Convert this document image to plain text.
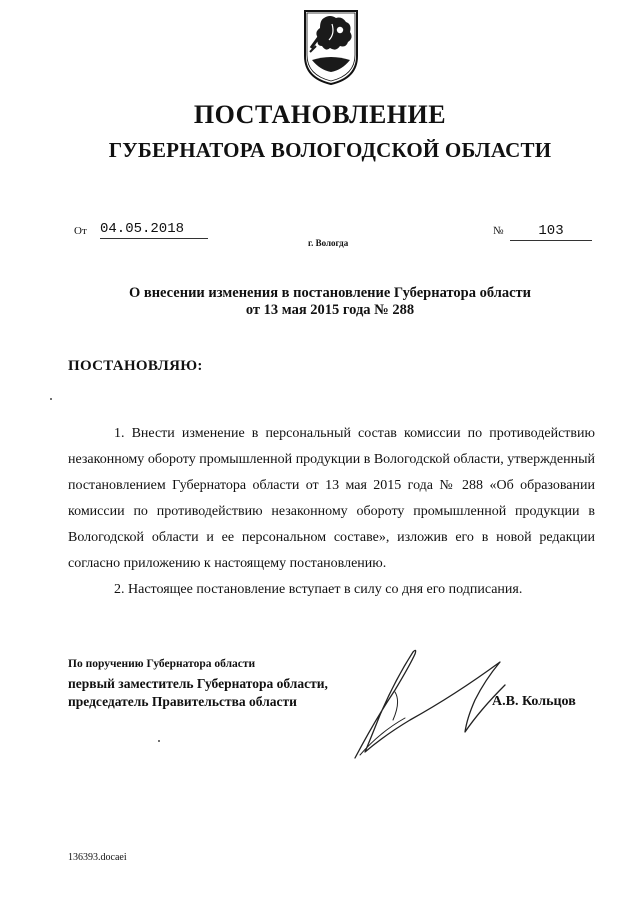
ПОСТАНОВЛЕНИЕ
ГУБЕРНАТОРА ВОЛОГОДСКОЙ ОБЛАСТИ
От 04.05.2018
г. Вологда
№	103
О внесении изменения в постановление Губернатора области
от 13 мая 2015 года № 288
ПОСТАНОВЛЯЮ:

1. Внести изменение в персональный состав комиссии по противодействию незаконному обороту промышленной продукции в Вологодской области, утвержденный постановлением Губернатора области от 13 мая 2015 года № 288 «Об образовании комиссии по противодействию незаконному обороту промышленной продукции в Вологодской области и ее персональном составе», изложив его в новой редакции согласно приложению к настоящему постановлению.

2. Настоящее постановление вступает в силу со дня его подписания.

По поручению Губернатора области
первый заместитель Губернатора области,
председатель Правительства области	А.В. Кольцов
136393.docaei
